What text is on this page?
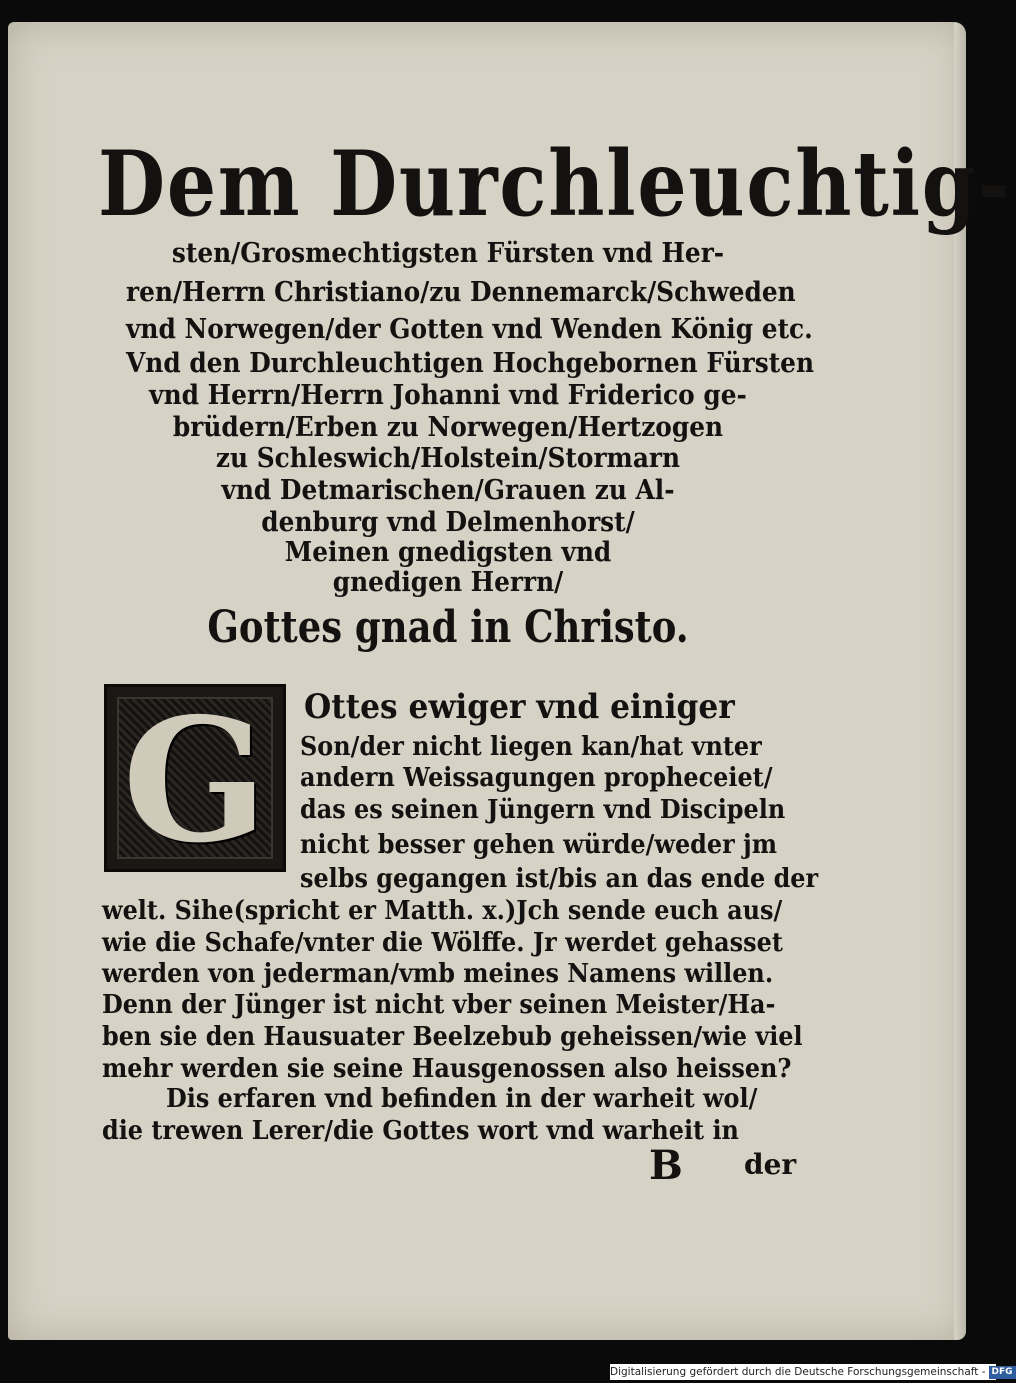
Dem Durchleuchtig-
sten/Grosmechtigsten Fürsten vnd Her-
ren/Herrn Christiano/zu Dennemarck/Schweden
vnd Norwegen/der Gotten vnd Wenden König etc.
Vnd den Durchleuchtigen Hochgebornen Fürsten
vnd Herrn/Herrn Johanni vnd Friderico ge-
brüdern/Erben zu Norwegen/Hertzogen
zu Schleswich/Holstein/Stormarn
vnd Detmarischen/Grauen zu Al-
denburg vnd Delmenhorst/
Meinen gnedigsten vnd
gnedigen Herrn/
Gottes gnad in Christo.
G	Ottes ewiger vnd einiger
Son/der nicht liegen kan/hat vnter
andern Weissagungen propheceiet/
das es seinen Jüngern vnd Discipeln
nicht besser gehen würde/weder jm
selbs gegangen ist/bis an das ende der
welt. Sihe(spricht er Matth. x.)Jch sende euch aus/
wie die Schafe/vnter die Wölffe. Jr werdet gehasset
werden von jederman/vmb meines Namens willen.
Denn der Jünger ist nicht vber seinen Meister/Ha-
ben sie den Hausuater Beelzebub geheissen/wie viel
mehr werden sie seine Hausgenossen also heissen?
Dis erfaren vnd befinden in der warheit wol/
die trewen Lerer/die Gottes wort vnd warheit in
B der
Digitalisierung gefördert durch die Deutsche Forschungsgemeinschaft - DFG
